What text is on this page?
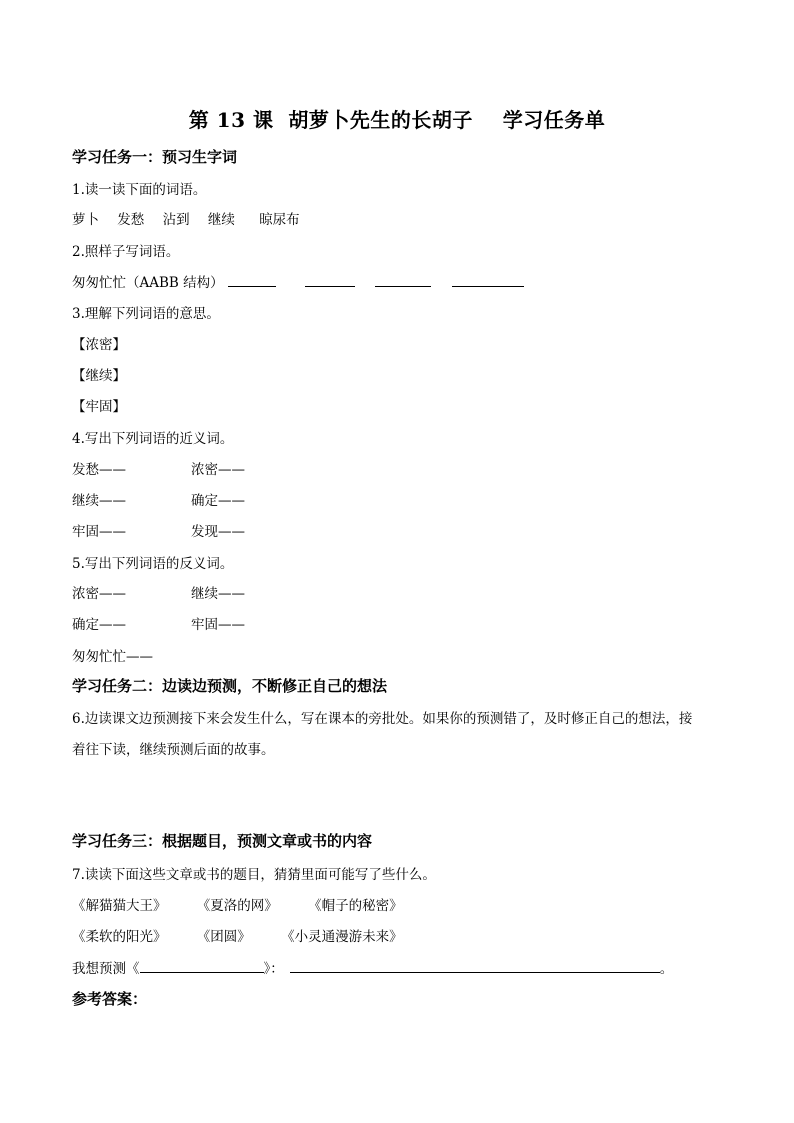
第 13 课  胡萝卜先生的长胡子    学习任务单
学习任务一：预习生字词
1.读一读下面的词语。
萝卜 发愁 沾到 继续 晾尿布
2.照样子写词语。
匆匆忙忙（AABB 结构）
3.理解下列词语的意思。
【浓密】
【继续】
【牢固】
4.写出下列词语的近义词。
发愁——	浓密——
继续——	确定——
牢固——	发现——
5.写出下列词语的反义词。
浓密——	继续——
确定——	牢固——
匆匆忙忙——
学习任务二：边读边预测，不断修正自己的想法
6.边读课文边预测接下来会发生什么，写在课本的旁批处。如果你的预测错了，及时修正自己的想法，接
着往下读，继续预测后面的故事。
学习任务三：根据题目，预测文章或书的内容
7.读读下面这些文章或书的题目，猜猜里面可能写了些什么。
《解猫猫大王》 《夏洛的网》 《帽子的秘密》
《柔软的阳光》 《团圆》 《小灵通漫游未来》
我想预测《	》：	。
参考答案：
